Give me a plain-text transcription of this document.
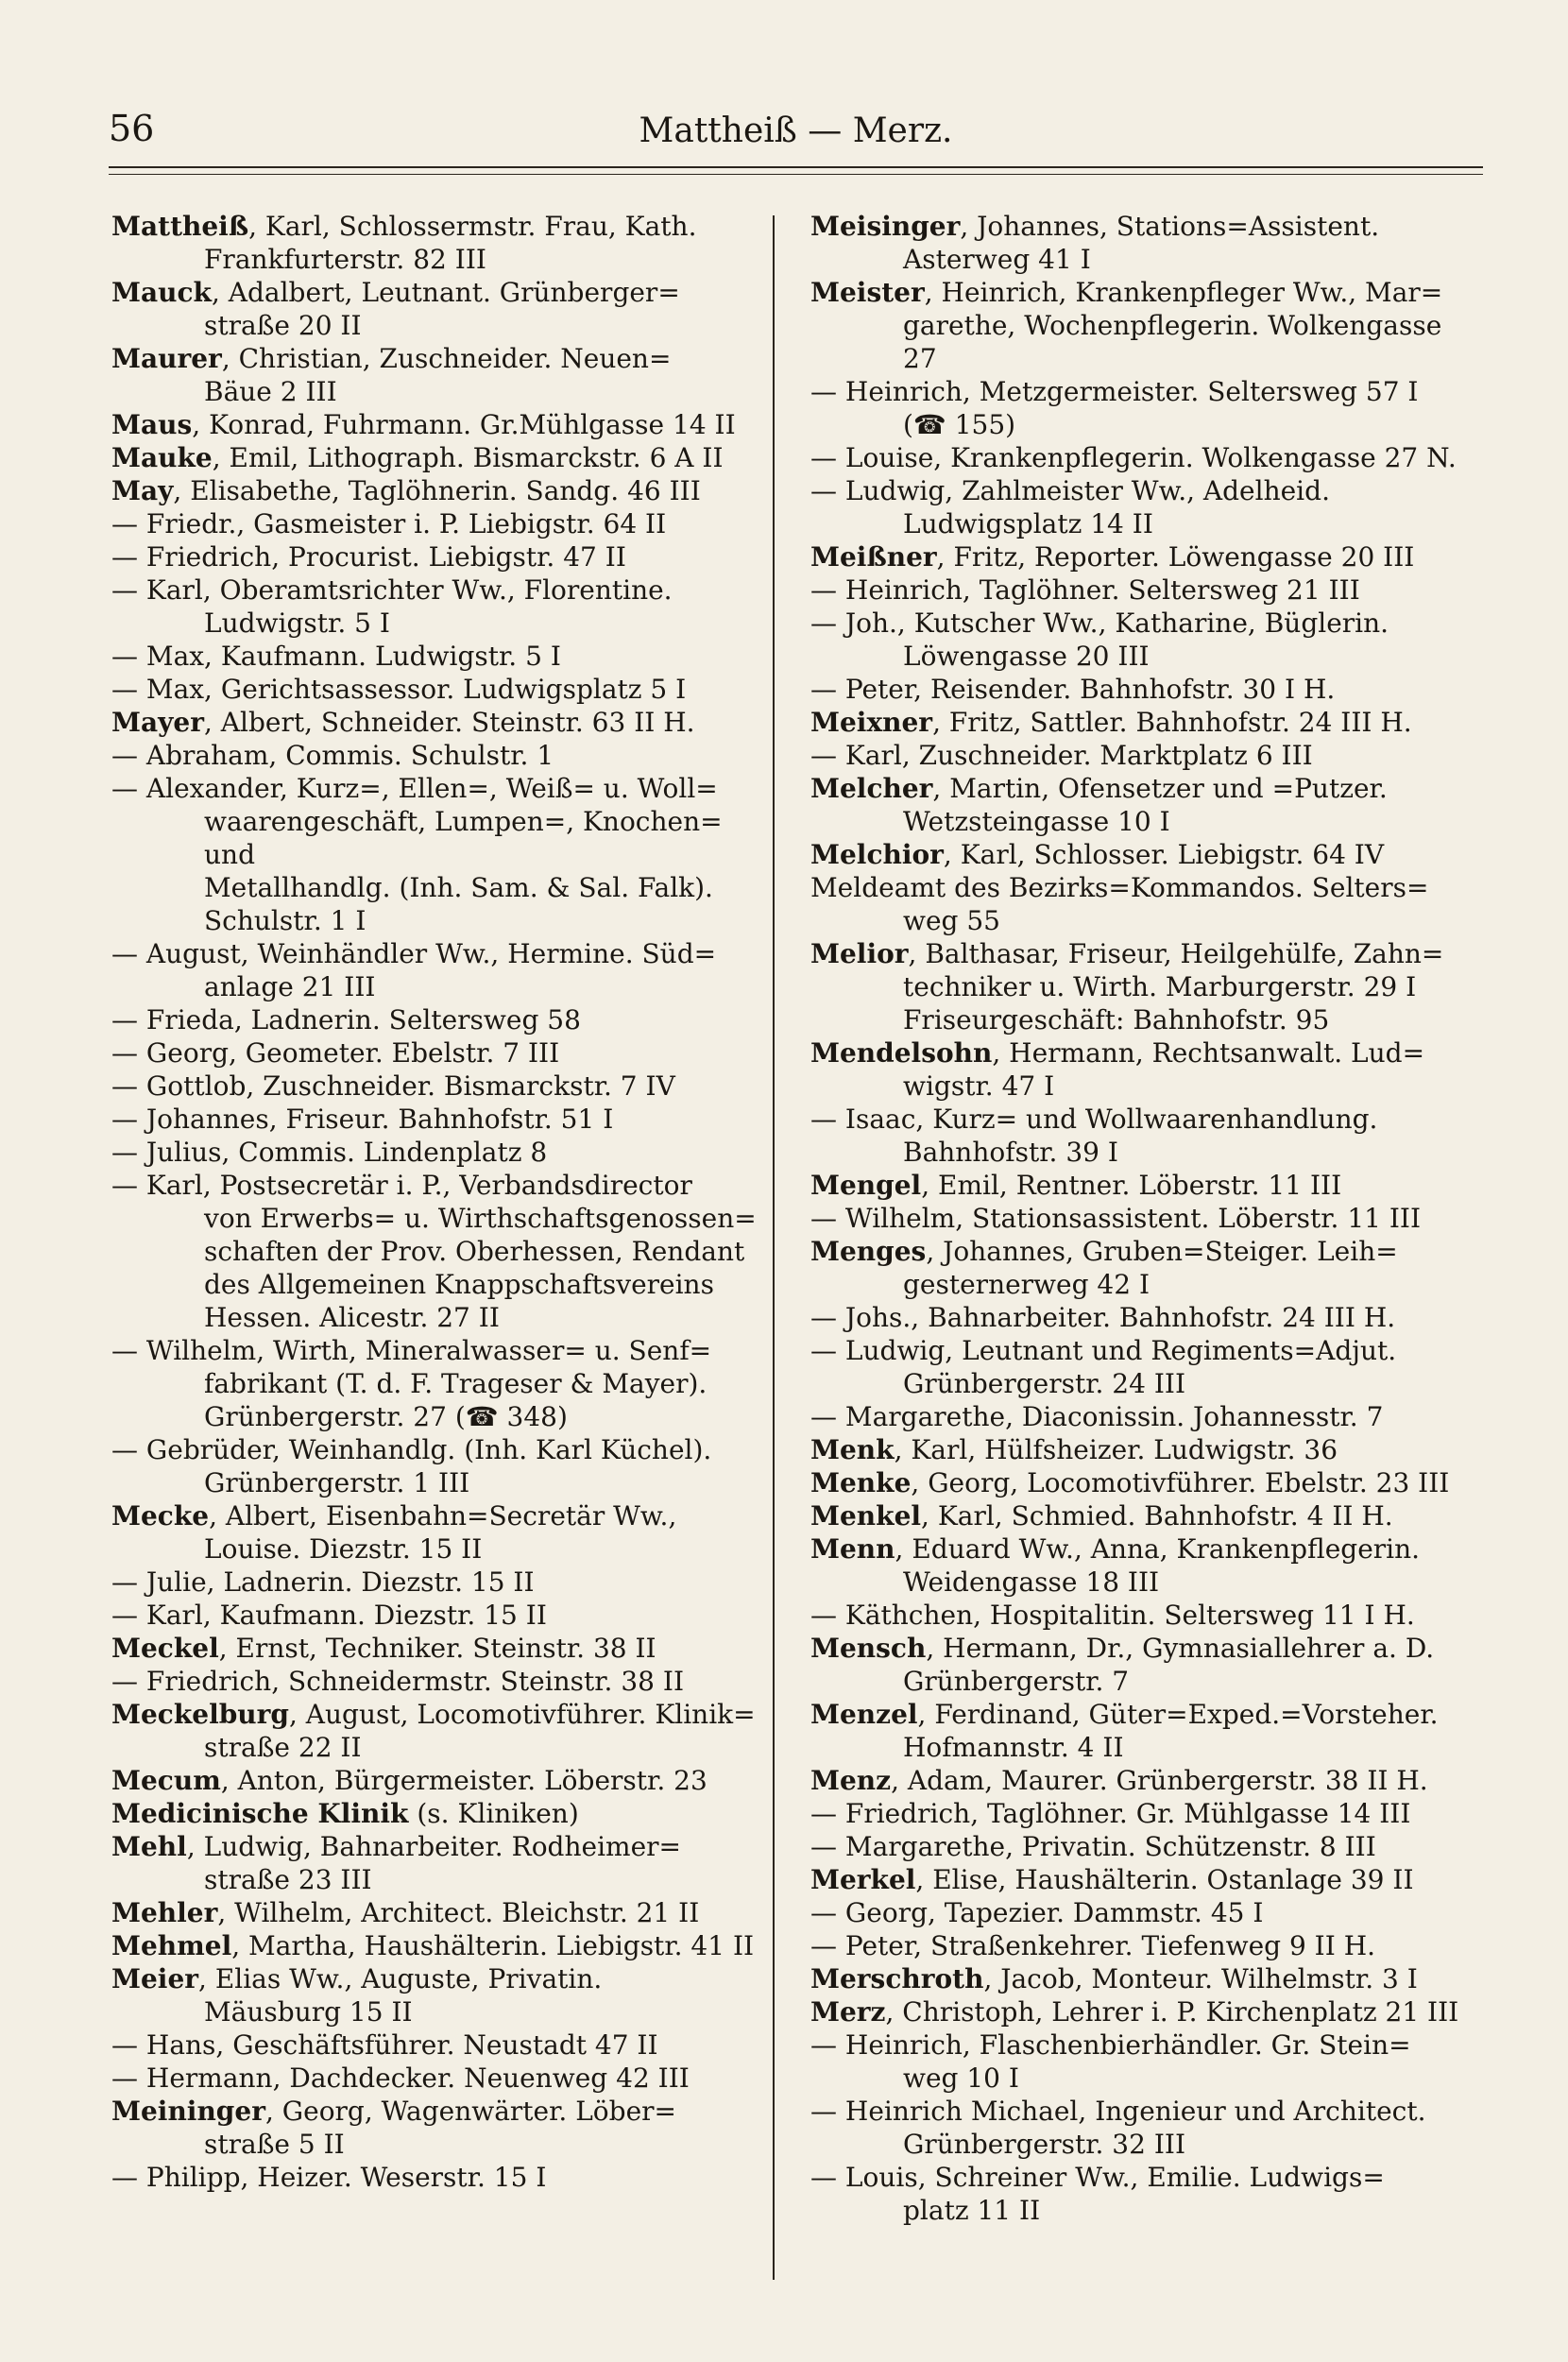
56	Mattheiß — Merz.
Mattheiß, Karl, Schlossermstr. Frau, Kath.
Frankfurterstr. 82 III
Mauck, Adalbert, Leutnant. Grünberger=
straße 20 II
Maurer, Christian, Zuschneider. Neuen=
Bäue 2 III
Maus, Konrad, Fuhrmann. Gr.Mühlgasse 14 II
Mauke, Emil, Lithograph. Bismarckstr. 6 A II
May, Elisabethe, Taglöhnerin. Sandg. 46 III
— Friedr., Gasmeister i. P. Liebigstr. 64 II
— Friedrich, Procurist. Liebigstr. 47 II
— Karl, Oberamtsrichter Ww., Florentine.
Ludwigstr. 5 I
— Max, Kaufmann. Ludwigstr. 5 I
— Max, Gerichtsassessor. Ludwigsplatz 5 I
Mayer, Albert, Schneider. Steinstr. 63 II H.
— Abraham, Commis. Schulstr. 1
— Alexander, Kurz=, Ellen=, Weiß= u. Woll=
waarengeschäft, Lumpen=, Knochen= und
Metallhandlg. (Inh. Sam. & Sal. Falk).
Schulstr. 1 I
— August, Weinhändler Ww., Hermine. Süd=
anlage 21 III
— Frieda, Ladnerin. Seltersweg 58
— Georg, Geometer. Ebelstr. 7 III
— Gottlob, Zuschneider. Bismarckstr. 7 IV
— Johannes, Friseur. Bahnhofstr. 51 I
— Julius, Commis. Lindenplatz 8
— Karl, Postsecretär i. P., Verbandsdirector
von Erwerbs= u. Wirthschaftsgenossen=
schaften der Prov. Oberhessen, Rendant
des Allgemeinen Knappschaftsvereins
Hessen. Alicestr. 27 II
— Wilhelm, Wirth, Mineralwasser= u. Senf=
fabrikant (T. d. F. Trageser & Mayer).
Grünbergerstr. 27 (☎ 348)
— Gebrüder, Weinhandlg. (Inh. Karl Küchel).
Grünbergerstr. 1 III
Mecke, Albert, Eisenbahn=Secretär Ww.,
Louise. Diezstr. 15 II
— Julie, Ladnerin. Diezstr. 15 II
— Karl, Kaufmann. Diezstr. 15 II
Meckel, Ernst, Techniker. Steinstr. 38 II
— Friedrich, Schneidermstr. Steinstr. 38 II
Meckelburg, August, Locomotivführer. Klinik=
straße 22 II
Mecum, Anton, Bürgermeister. Löberstr. 23
Medicinische Klinik (s. Kliniken)
Mehl, Ludwig, Bahnarbeiter. Rodheimer=
straße 23 III
Mehler, Wilhelm, Architect. Bleichstr. 21 II
Mehmel, Martha, Haushälterin. Liebigstr. 41 II
Meier, Elias Ww., Auguste, Privatin.
Mäusburg 15 II
— Hans, Geschäftsführer. Neustadt 47 II
— Hermann, Dachdecker. Neuenweg 42 III
Meininger, Georg, Wagenwärter. Löber=
straße 5 II
— Philipp, Heizer. Weserstr. 15 I
Meisinger, Johannes, Stations=Assistent.
Asterweg 41 I
Meister, Heinrich, Krankenpfleger Ww., Mar=
garethe, Wochenpflegerin. Wolkengasse 27
— Heinrich, Metzgermeister. Seltersweg 57 I
(☎ 155)
— Louise, Krankenpflegerin. Wolkengasse 27 N.
— Ludwig, Zahlmeister Ww., Adelheid.
Ludwigsplatz 14 II
Meißner, Fritz, Reporter. Löwengasse 20 III
— Heinrich, Taglöhner. Seltersweg 21 III
— Joh., Kutscher Ww., Katharine, Büglerin.
Löwengasse 20 III
— Peter, Reisender. Bahnhofstr. 30 I H.
Meixner, Fritz, Sattler. Bahnhofstr. 24 III H.
— Karl, Zuschneider. Marktplatz 6 III
Melcher, Martin, Ofensetzer und =Putzer.
Wetzsteingasse 10 I
Melchior, Karl, Schlosser. Liebigstr. 64 IV
Meldeamt des Bezirks=Kommandos. Selters=
weg 55
Melior, Balthasar, Friseur, Heilgehülfe, Zahn=
techniker u. Wirth. Marburgerstr. 29 I
Friseurgeschäft: Bahnhofstr. 95
Mendelsohn, Hermann, Rechtsanwalt. Lud=
wigstr. 47 I
— Isaac, Kurz= und Wollwaarenhandlung.
Bahnhofstr. 39 I
Mengel, Emil, Rentner. Löberstr. 11 III
— Wilhelm, Stationsassistent. Löberstr. 11 III
Menges, Johannes, Gruben=Steiger. Leih=
gesternerweg 42 I
— Johs., Bahnarbeiter. Bahnhofstr. 24 III H.
— Ludwig, Leutnant und Regiments=Adjut.
Grünbergerstr. 24 III
— Margarethe, Diaconissin. Johannesstr. 7
Menk, Karl, Hülfsheizer. Ludwigstr. 36
Menke, Georg, Locomotivführer. Ebelstr. 23 III
Menkel, Karl, Schmied. Bahnhofstr. 4 II H.
Menn, Eduard Ww., Anna, Krankenpflegerin.
Weidengasse 18 III
— Käthchen, Hospitalitin. Seltersweg 11 I H.
Mensch, Hermann, Dr., Gymnasiallehrer a. D.
Grünbergerstr. 7
Menzel, Ferdinand, Güter=Exped.=Vorsteher.
Hofmannstr. 4 II
Menz, Adam, Maurer. Grünbergerstr. 38 II H.
— Friedrich, Taglöhner. Gr. Mühlgasse 14 III
— Margarethe, Privatin. Schützenstr. 8 III
Merkel, Elise, Haushälterin. Ostanlage 39 II
— Georg, Tapezier. Dammstr. 45 I
— Peter, Straßenkehrer. Tiefenweg 9 II H.
Merschroth, Jacob, Monteur. Wilhelmstr. 3 I
Merz, Christoph, Lehrer i. P. Kirchenplatz 21 III
— Heinrich, Flaschenbierhändler. Gr. Stein=
weg 10 I
— Heinrich Michael, Ingenieur und Architect.
Grünbergerstr. 32 III
— Louis, Schreiner Ww., Emilie. Ludwigs=
platz 11 II
